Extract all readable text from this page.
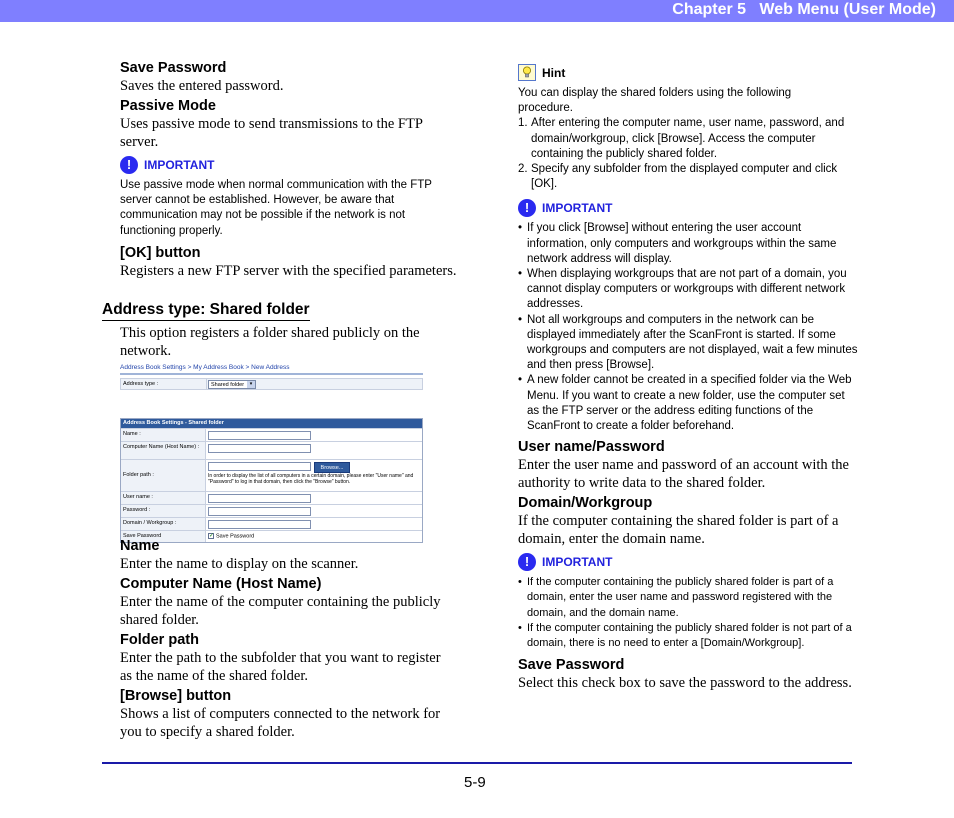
Chapter 5   Web Menu (User Mode)
Save Password
Saves the entered password.
Passive Mode
Uses passive mode to send transmissions to the FTP server.
!	IMPORTANT
Use passive mode when normal communication with the FTP server cannot be established. However, be aware that communication may not be possible if the network is not functioning properly.
[OK] button
Registers a new FTP server with the specified parameters.
Address type: Shared folder
This option registers a folder shared publicly on the network.
Address Book Settings > My Address Book > New Address
Address type :	Shared folder	▾
Address Book Settings - Shared folder
Name :
Computer Name (Host Name) :
Folder path :
Browse...
In order to display the list of all computers in a certain domain, please enter "User name" and "Password" to log in that domain, then click the "Browse" button.
User name :
Password :
Domain / Workgroup :
Save Password	✓ Save Password
Name
Enter the name to display on the scanner.
Computer Name (Host Name)
Enter the name of the computer containing the publicly shared folder.
Folder path
Enter the path to the subfolder that you want to register as the name of the shared folder.
[Browse] button
Shows a list of computers connected to the network for you to specify a shared folder.
Hint
You can display the shared folders using the following procedure.
1. After entering the computer name, user name, password, and domain/workgroup, click [Browse]. Access the computer containing the publicly shared folder.
2. Specify any subfolder from the displayed computer and click [OK].
!	IMPORTANT
• If you click [Browse] without entering the user account information, only computers and workgroups within the same network address will display.
• When displaying workgroups that are not part of a domain, you cannot display computers or workgroups with different network addresses.
• Not all workgroups and computers in the network can be displayed immediately after the ScanFront is started. If some workgroups and computers are not displayed, wait a few minutes and then press [Browse].
• A new folder cannot be created in a specified folder via the Web Menu. If you want to create a new folder, use the computer set as the FTP server or the address editing functions of the ScanFront to create a folder beforehand.
User name/Password
Enter the user name and password of an account with the authority to write data to the shared folder.
Domain/Workgroup
If the computer containing the shared folder is part of a domain, enter the domain name.
!	IMPORTANT
• If the computer containing the publicly shared folder is part of a domain, enter the user name and password registered with the domain, and the domain name.
• If the computer containing the publicly shared folder is not part of a domain, there is no need to enter a [Domain/Workgroup].
Save Password
Select this check box to save the password to the address.
5-9
